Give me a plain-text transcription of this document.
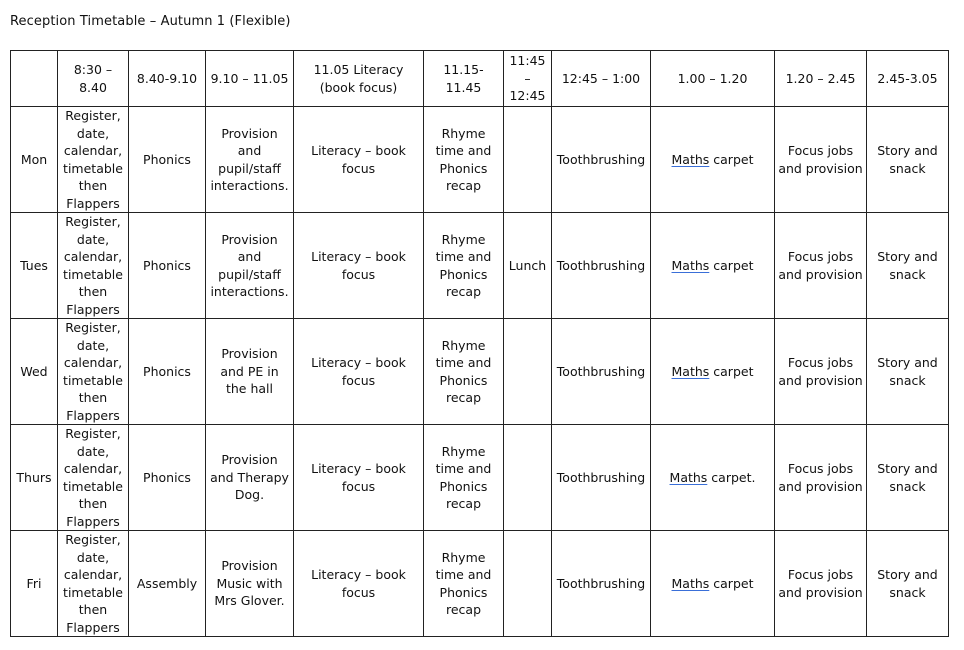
Reception Timetable – Autumn 1 (Flexible)
	8:30 – 8.40	8.40-9.10	9.10 – 11.05	11.05 Literacy (book focus)	11.15-11.45	11:45 – 12:45	12:45 – 1:00	1.00 – 1.20	1.20 – 2.45	2.45-3.05
Mon	Register, date, calendar, timetable then Flappers	Phonics	Provision and pupil/staff interactions.	Literacy – book focus	Rhyme time and Phonics recap		Toothbrushing	Maths carpet	Focus jobs and provision	Story and snack
Tues	Register, date, calendar, timetable then Flappers	Phonics	Provision and pupil/staff interactions.	Literacy – book focus	Rhyme time and Phonics recap	Lunch	Toothbrushing	Maths carpet	Focus jobs and provision	Story and snack
Wed	Register, date, calendar, timetable then Flappers	Phonics	Provision and PE in the hall	Literacy – book focus	Rhyme time and Phonics recap		Toothbrushing	Maths carpet	Focus jobs and provision	Story and snack
Thurs	Register, date, calendar, timetable then Flappers	Phonics	Provision and Therapy Dog.	Literacy – book focus	Rhyme time and Phonics recap		Toothbrushing	Maths carpet.	Focus jobs and provision	Story and snack
Fri	Register, date, calendar, timetable then Flappers	Assembly	Provision Music with Mrs Glover.	Literacy – book focus	Rhyme time and Phonics recap		Toothbrushing	Maths carpet	Focus jobs and provision	Story and snack
